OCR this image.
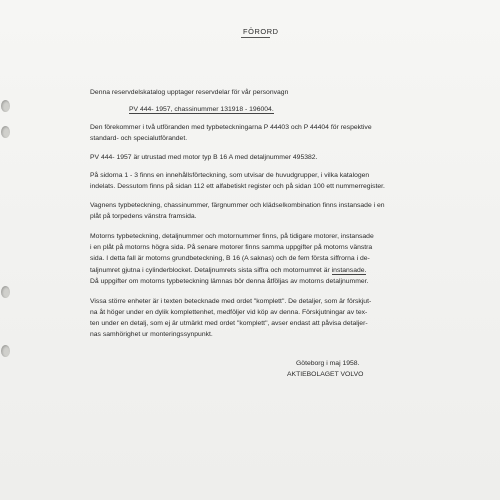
FÖRORD
Denna reservdelskatalog upptager reservdelar för vår personvagn
PV 444- 1957, chassinummer 131918 - 196004.
Den förekommer i två utföranden med typbeteckningarna P 44403 och P 44404 för respektive
standard- och specialutförandet.
PV 444- 1957 är utrustad med motor typ B 16 A med detaljnummer 495382.
På sidorna 1 - 3 finns en innehållsförteckning, som utvisar de huvudgrupper, i vilka katalogen
indelats. Dessutom finns på sidan 112 ett alfabetiskt register och på sidan 100 ett nummerregister.
Vagnens typbeteckning, chassinummer, färgnummer och klädselkombination finns instansade i en
plåt på torpedens vänstra framsida.
Motorns typbeteckning, detaljnummer och motornummer finns, på tidigare motorer, instansade
i en plåt på motorns högra sida. På senare motorer finns samma uppgifter på motorns vänstra
sida. I detta fall är motorns grundbeteckning, B 16 (A saknas) och de fem första siffrorna i de-
taljnumret gjutna i cylinderblocket. Detaljnumrets sista siffra och motornumret är instansade.
Då uppgifter om motorns typbeteckning lämnas bör denna åtföljas av motorns detaljnummer.
Vissa större enheter är i texten betecknade med ordet "komplett". De detaljer, som är förskjut-
na åt höger under en dylik komplettenhet, medföljer vid köp av denna. Förskjutningar av tex-
ten under en detalj, som ej är utmärkt med ordet "komplett", avser endast att påvisa detaljer-
nas samhörighet ur monteringssynpunkt.
Göteborg i maj 1958.
AKTIEBOLAGET VOLVO
